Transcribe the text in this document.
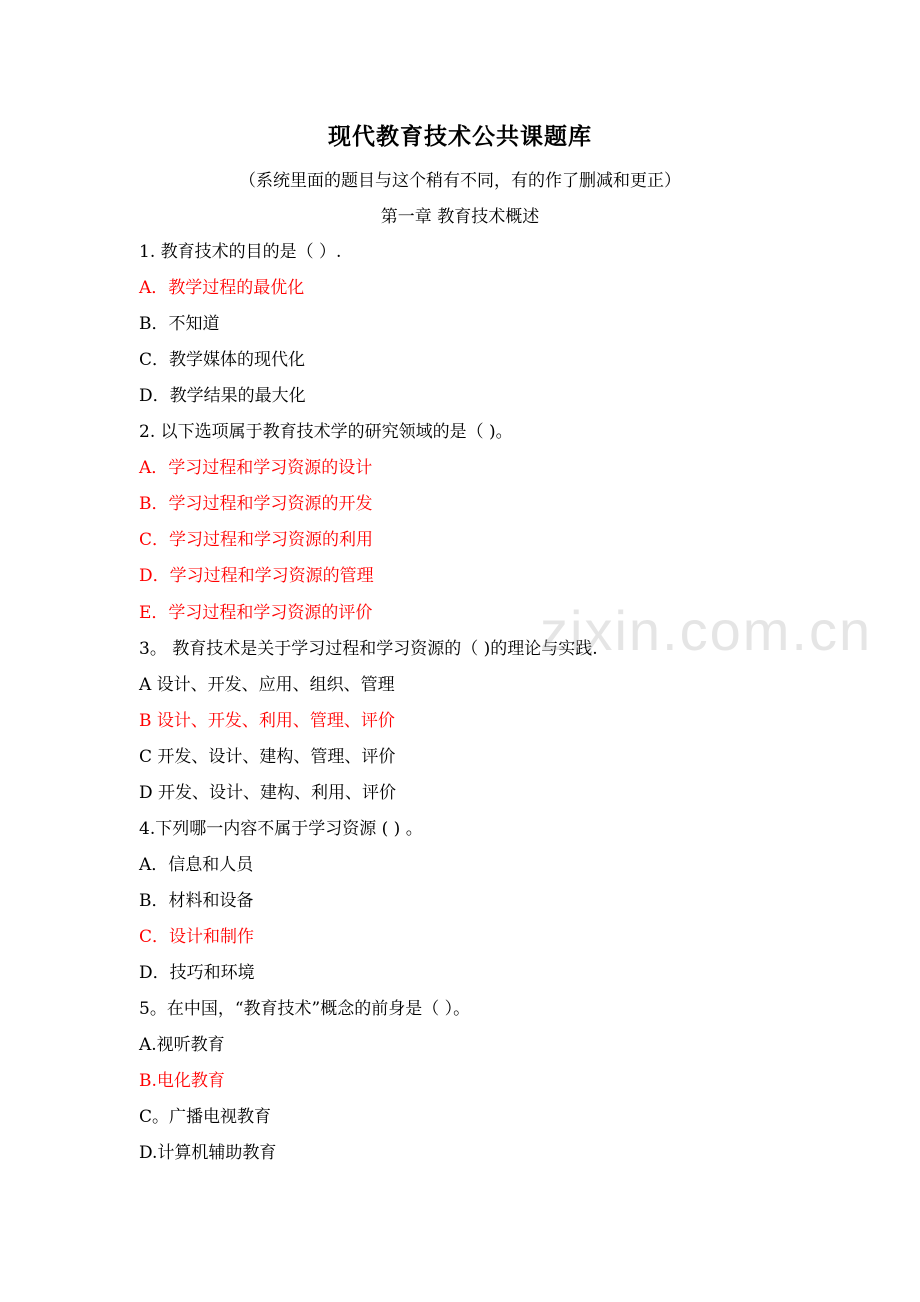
现代教育技术公共课题库
（系统里面的题目与这个稍有不同，有的作了删减和更正）
第一章 教育技术概述
1. 教育技术的目的是（ ）.
A．教学过程的最优化
B．不知道
C．教学媒体的现代化
D．教学结果的最大化
2. 以下选项属于教育技术学的研究领域的是（ )。
A．学习过程和学习资源的设计
B．学习过程和学习资源的开发
C．学习过程和学习资源的利用
D．学习过程和学习资源的管理
E．学习过程和学习资源的评价
3。 教育技术是关于学习过程和学习资源的（ )的理论与实践.
A 设计、开发、应用、组织、管理
B 设计、开发、利用、管理、评价
C 开发、设计、建构、管理、评价
D 开发、设计、建构、利用、评价
4.下列哪一内容不属于学习资源 ( ) 。
A．信息和人员
B．材料和设备
C．设计和制作
D．技巧和环境
5。在中国，“教育技术”概念的前身是（ ）。
A.视听教育
B.电化教育
C。广播电视教育
D.计算机辅助教育
zixin.com.cn
